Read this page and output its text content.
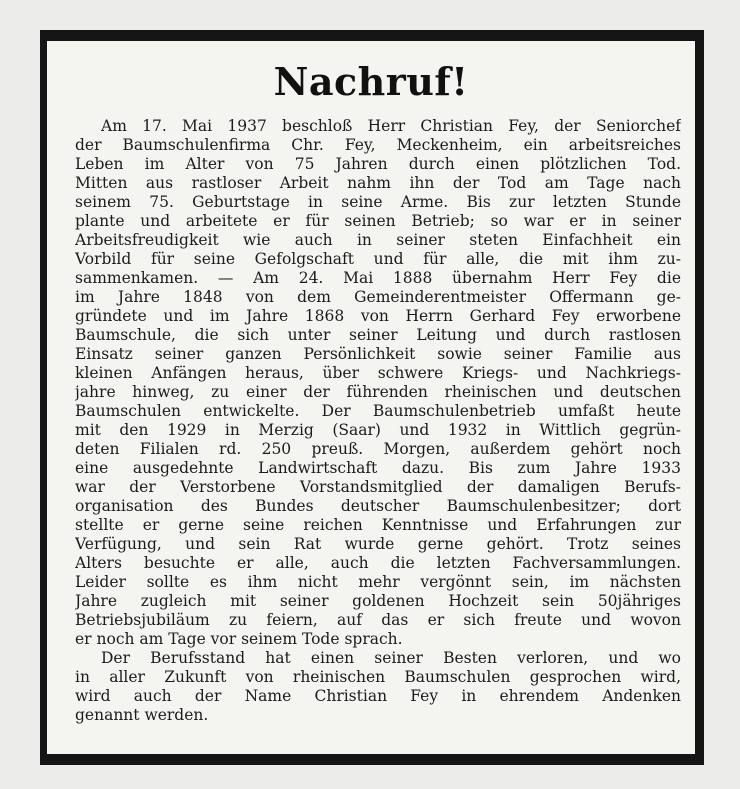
Nachruf!
Am 17. Mai 1937 beschloß Herr Christian Fey, der Seniorchef
der Baumschulenfirma Chr. Fey, Meckenheim, ein arbeitsreiches
Leben im Alter von 75 Jahren durch einen plötzlichen Tod.
Mitten aus rastloser Arbeit nahm ihn der Tod am Tage nach
seinem 75. Geburtstage in seine Arme. Bis zur letzten Stunde
plante und arbeitete er für seinen Betrieb; so war er in seiner
Arbeitsfreudigkeit wie auch in seiner steten Einfachheit ein
Vorbild für seine Gefolgschaft und für alle, die mit ihm zu-
sammenkamen. — Am 24. Mai 1888 übernahm Herr Fey die
im Jahre 1848 von dem Gemeinderentmeister Offermann ge-
gründete und im Jahre 1868 von Herrn Gerhard Fey erworbene
Baumschule, die sich unter seiner Leitung und durch rastlosen
Einsatz seiner ganzen Persönlichkeit sowie seiner Familie aus
kleinen Anfängen heraus, über schwere Kriegs- und Nachkriegs-
jahre hinweg, zu einer der führenden rheinischen und deutschen
Baumschulen entwickelte. Der Baumschulenbetrieb umfaßt heute
mit den 1929 in Merzig (Saar) und 1932 in Wittlich gegrün-
deten Filialen rd. 250 preuß. Morgen, außerdem gehört noch
eine ausgedehnte Landwirtschaft dazu. Bis zum Jahre 1933
war der Verstorbene Vorstandsmitglied der damaligen Berufs-
organisation des Bundes deutscher Baumschulenbesitzer; dort
stellte er gerne seine reichen Kenntnisse und Erfahrungen zur
Verfügung, und sein Rat wurde gerne gehört. Trotz seines
Alters besuchte er alle, auch die letzten Fachversammlungen.
Leider sollte es ihm nicht mehr vergönnt sein, im nächsten
Jahre zugleich mit seiner goldenen Hochzeit sein 50jähriges
Betriebsjubiläum zu feiern, auf das er sich freute und wovon
er noch am Tage vor seinem Tode sprach.
Der Berufsstand hat einen seiner Besten verloren, und wo
in aller Zukunft von rheinischen Baumschulen gesprochen wird,
wird auch der Name Christian Fey in ehrendem Andenken
genannt werden.
